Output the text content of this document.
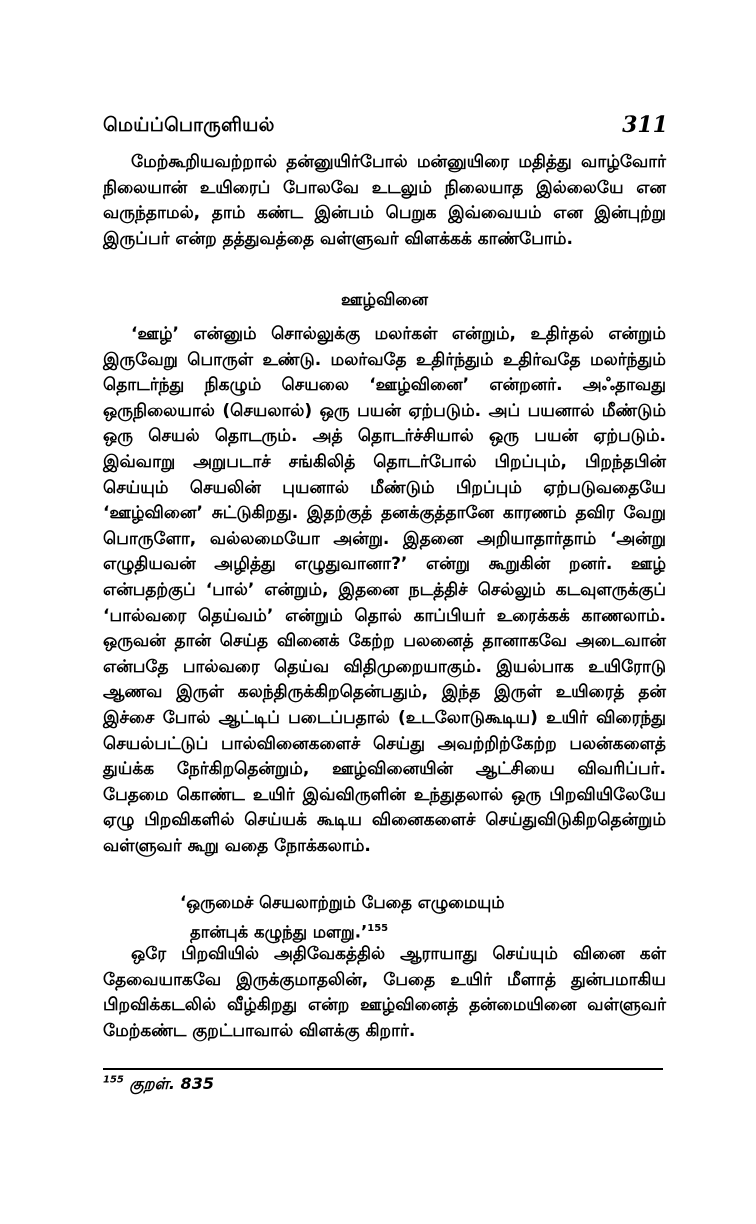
மெய்ப்பொருளியல்	311

மேற்கூறியவற்றால் தன்னுயிர்போல் மன்னுயிரை மதித்து வாழ்வோர் நிலையான் உயிரைப் போலவே உடலும் நிலையாத இல்லையே என வருந்தாமல், தாம் கண்ட இன்பம் பெறுக இவ்வையம் என இன்புற்று இருப்பர் என்ற தத்துவத்தை வள்ளுவர் விளக்கக் காண்போம்.

ஊழ்வினை

‘ஊழ்’ என்னும் சொல்லுக்கு மலர்கள் என்றும், உதிர்தல் என்றும் இருவேறு பொருள் உண்டு. மலர்வதே உதிர்ந்தும் உதிர்வதே மலர்ந்தும் தொடர்ந்து நிகழும் செயலை ‘ஊழ்வினை’ என்றனர். அஃதாவது ஒருநிலையால் (செயலால்) ஒரு பயன் ஏற்படும். அப் பயனால் மீண்டும் ஒரு செயல் தொடரும். அத் தொடர்ச்சியால் ஒரு பயன் ஏற்படும். இவ்வாறு அறுபடாச் சங்கிலித் தொடர்போல் பிறப்பும், பிறந்தபின் செய்யும் செயலின் புயனால் மீண்டும் பிறப்பும் ஏற்படுவதையே ‘ஊழ்வினை’ சுட்டுகிறது. இதற்குத் தனக்குத்தானே காரணம் தவிர வேறு பொருளோ, வல்லமையோ அன்று. இதனை அறியாதார்தாம் ‘அன்று எழுதியவன் அழித்து எழுதுவானா?’ என்று கூறுகின் றனர். ஊழ் என்பதற்குப் ‘பால்’ என்றும், இதனை நடத்திச் செல்லும் கடவுளருக்குப் ‘பால்வரை தெய்வம்’ என்றும் தொல் காப்பியர் உரைக்கக் காணலாம். ஒருவன் தான் செய்த வினைக் கேற்ற பலனைத் தானாகவே அடைவான் என்பதே பால்வரை தெய்வ விதிமுறையாகும். இயல்பாக உயிரோடு ஆணவ இருள் கலந்திருக்கிறதென்பதும், இந்த இருள் உயிரைத் தன் இச்சை போல் ஆட்டிப் படைப்பதால் (உடலோடுகூடிய) உயிர் விரைந்து செயல்பட்டுப் பால்வினைகளைச் செய்து அவற்றிற்கேற்ற பலன்களைத் துய்க்க நேர்கிறதென்றும், ஊழ்வினையின் ஆட்சியை விவரிப்பர். பேதமை கொண்ட உயிர் இவ்விருளின் உந்துதலால் ஒரு பிறவியிலேயே ஏழு பிறவிகளில் செய்யக் கூடிய வினைகளைச் செய்துவிடுகிறதென்றும் வள்ளுவர் கூறு வதை நோக்கலாம்.

‘ஒருமைச் செயலாற்றும் பேதை எழுமையும்
தான்புக் கழுந்து மளறு.’$^{155}$

ஒரே பிறவியில் அதிவேகத்தில் ஆராயாது செய்யும் வினை கள் தேவையாகவே இருக்குமாதலின், பேதை உயிர் மீளாத் துன்பமாகிய பிறவிக்கடலில் வீழ்கிறது என்ற ஊழ்வினைத் தன்மையினை வள்ளுவர் மேற்கண்ட குறட்பாவால் விளக்கு கிறார்.

$^{155}$ குறள். 835
